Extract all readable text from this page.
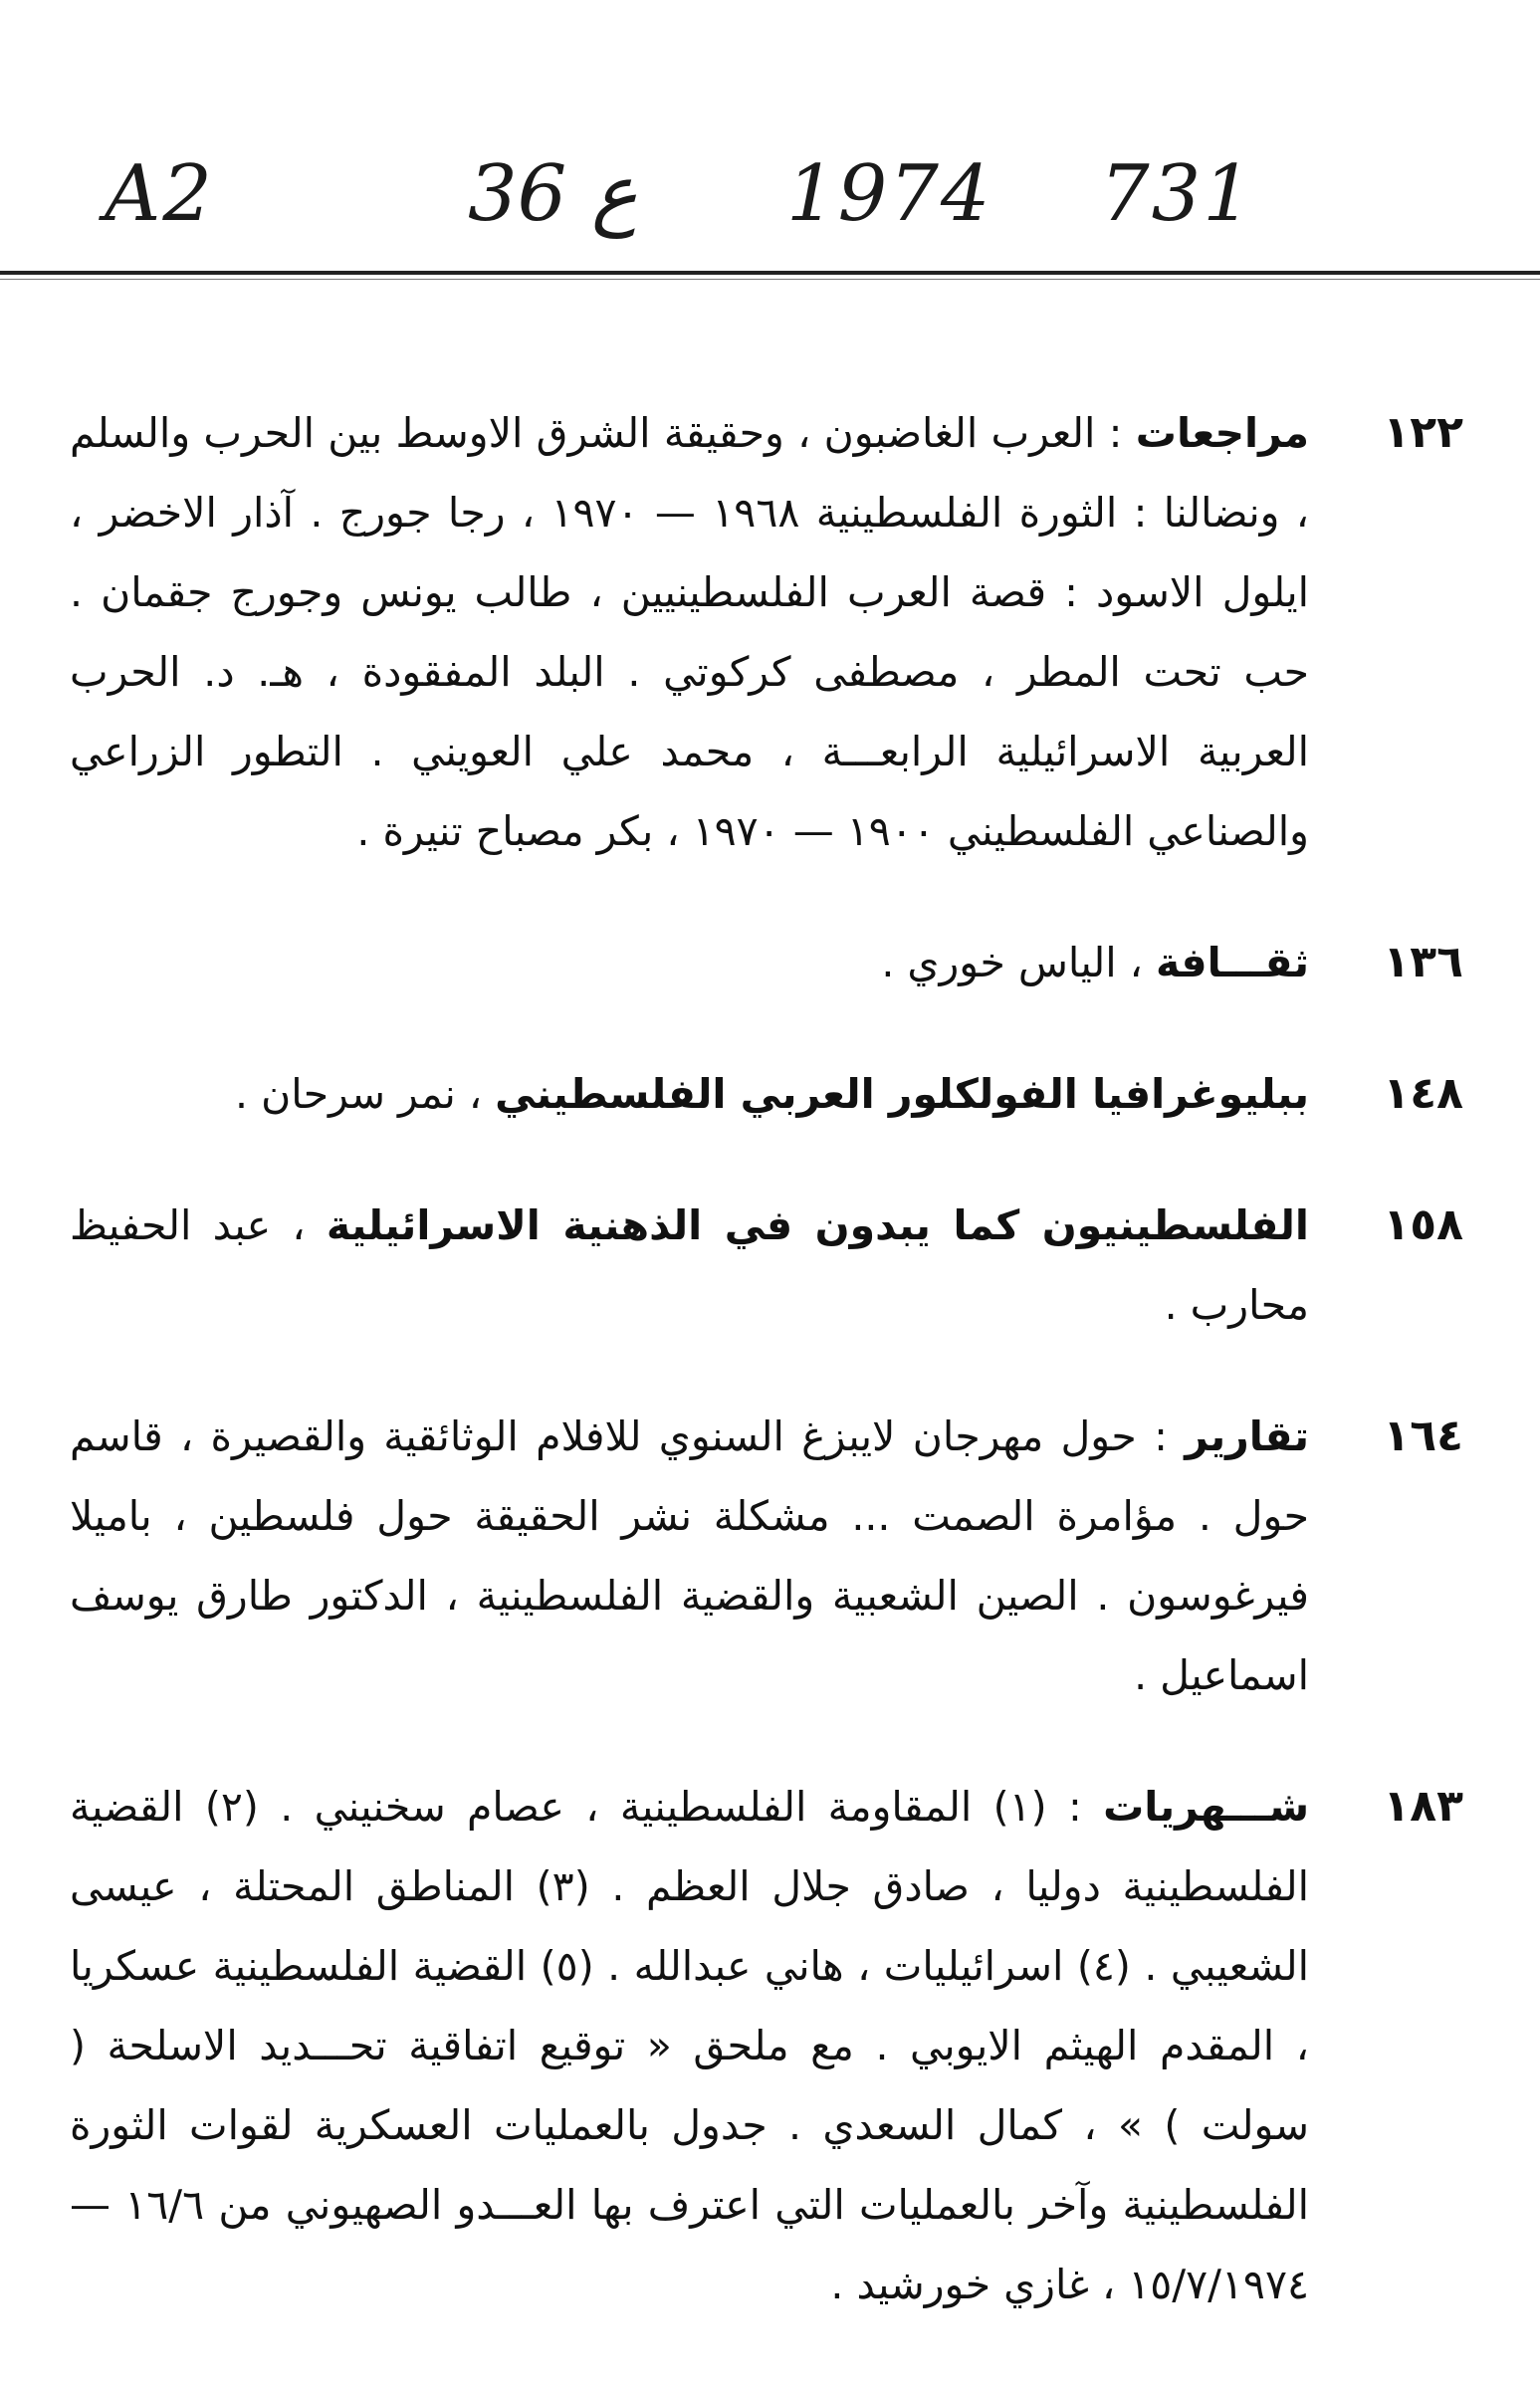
A2	36 ع 1974 731
١٢٢
مراجعات : العرب الغاضبون ، وحقيقة الشرق الاوسط بين الحرب والسلم ، ونضالنا : الثورة الفلسطينية ١٩٦٨ — ١٩٧٠ ، رجا جورج . آذار الاخضر ، ايلول الاسود : قصة العرب الفلسطينيين ، طالب يونس وجورج جقمان . حب تحت المطر ، مصطفى كركوتي . البلد المفقودة ، هـ. د. الحرب العربية الاسرائيلية الرابعـــة ، محمد علي العويني . التطور الزراعي والصناعي الفلسطيني ١٩٠٠ — ١٩٧٠ ، بكر مصباح تنيرة .
١٣٦
ثقـــافة ، الياس خوري .
١٤٨
ببليوغرافيا الفولكلور العربي الفلسطيني ، نمر سرحان .
١٥٨
الفلسطينيون كما يبدون في الذهنية الاسرائيلية ، عبد الحفيظ محارب .
١٦٤
تقارير : حول مهرجان لايبزغ السنوي للافلام الوثائقية والقصيرة ، قاسم حول . مؤامرة الصمت ... مشكلة نشر الحقيقة حول فلسطين ، باميلا فيرغوسون . الصين الشعبية والقضية الفلسطينية ، الدكتور طارق يوسف اسماعيل .
١٨٣
شـــهريات : (١) المقاومة الفلسطينية ، عصام سخنيني . (٢) القضية الفلسطينية دوليا ، صادق جلال العظم . (٣) المناطق المحتلة ، عيسى الشعيبي . (٤) اسرائيليات ، هاني عبدالله . (٥) القضية الفلسطينية عسكريا ، المقدم الهيثم الايوبي . مع ملحق « توقيع اتفاقية تحـــديد الاسلحة ( سولت ) » ، كمال السعدي . جدول بالعمليات العسكرية لقوات الثورة الفلسطينية وآخر بالعمليات التي اعترف بها العـــدو الصهيوني من ١٦/٦ — ١٥/٧/١٩٧٤ ، غازي خورشيد .
